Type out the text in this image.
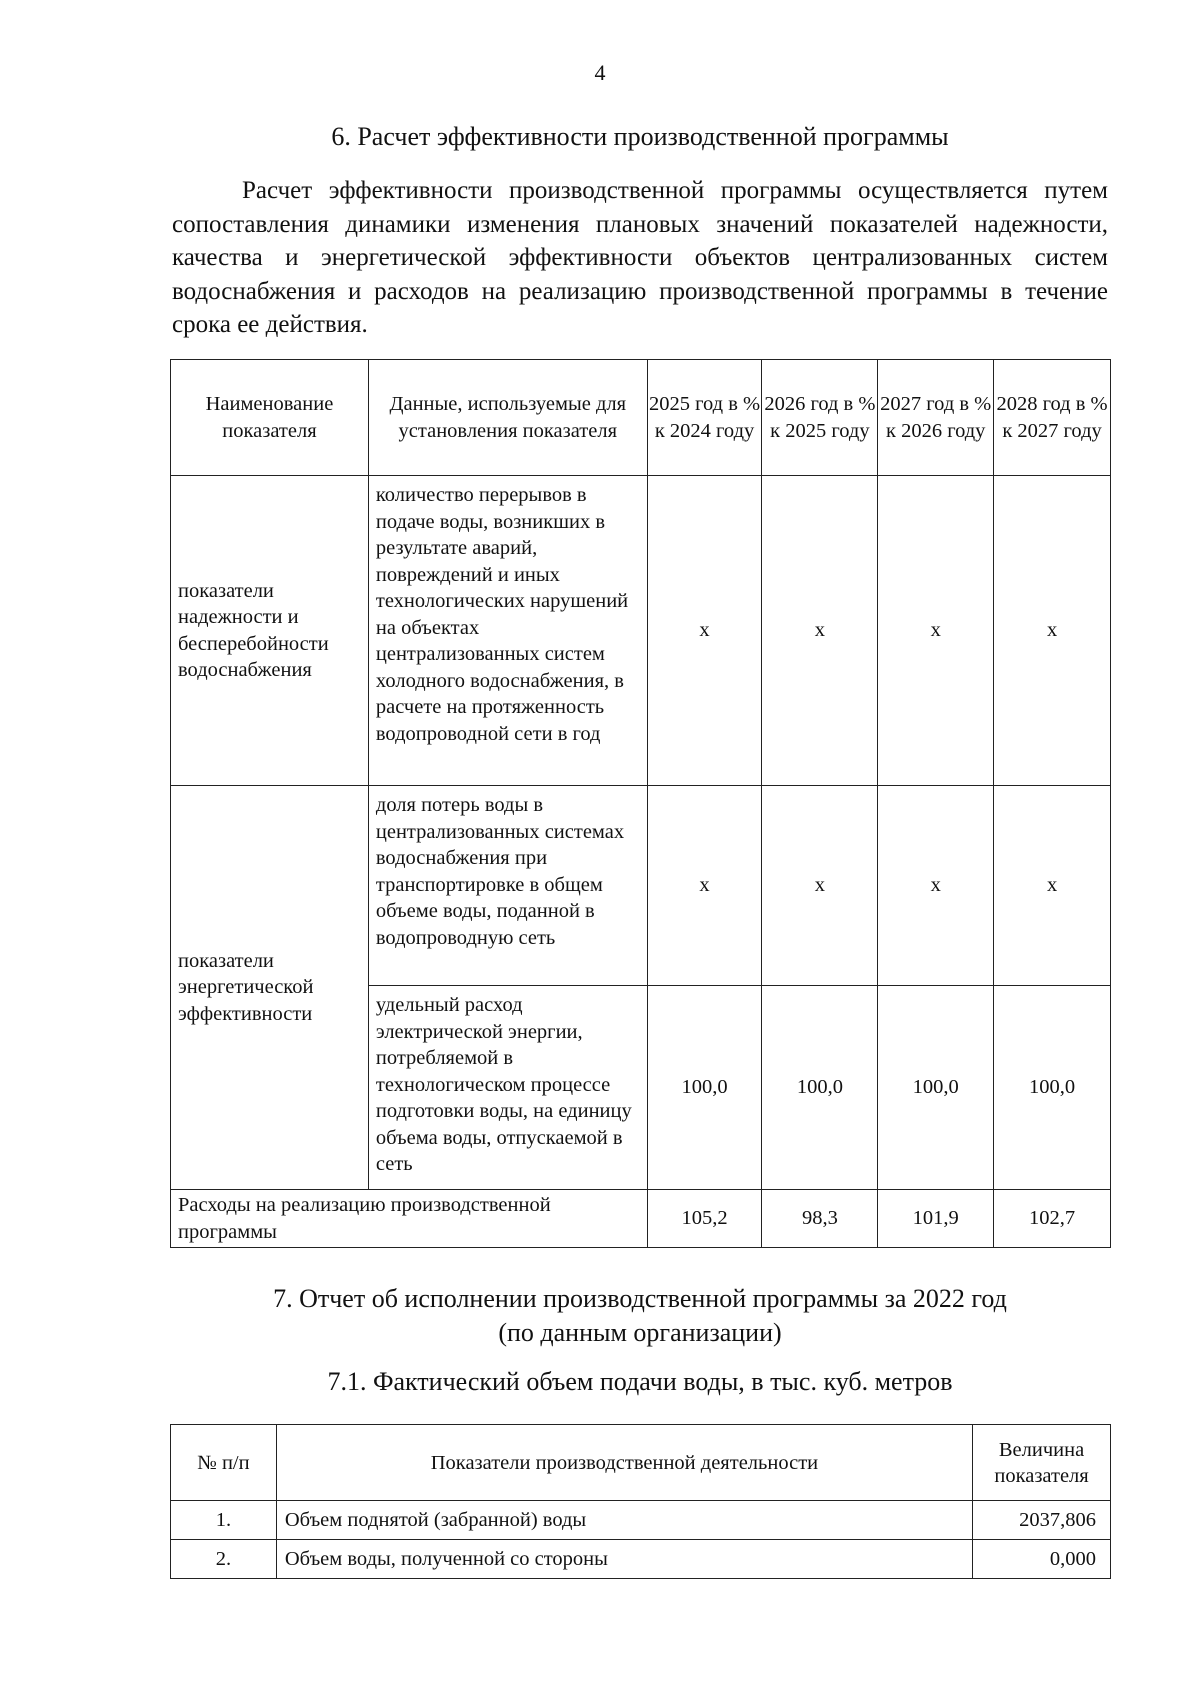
4
6. Расчет эффективности производственной программы
Расчет эффективности производственной программы осуществляется путем сопоставления динамики изменения плановых значений показателей надежности, качества и энергетической эффективности объектов централизованных систем водоснабжения и расходов на реализацию производственной программы в течение срока ее действия.
Наименование показателя	Данные, используемые для установления показателя	2025 год в % к 2024 году	2026 год в % к 2025 году	2027 год в % к 2026 году	2028 год в % к 2027 году
показатели надежности и бесперебойности водоснабжения	количество перерывов в подаче воды, возникших в результате аварий, повреждений и иных технологических нарушений на объектах централизованных систем холодного водоснабжения, в расчете на протяженность водопроводной сети в год	x	x	x	x
показатели энергетической эффективности	доля потерь воды в централизованных системах водоснабжения при транспортировке в общем объеме воды, поданной в водопроводную сеть	x	x	x	x
	удельный расход электрической энергии, потребляемой в технологическом процессе подготовки воды, на единицу объема воды, отпускаемой в сеть	100,0	100,0	100,0	100,0
Расходы на реализацию производственной программы		105,2	98,3	101,9	102,7
7. Отчет об исполнении производственной программы за 2022 год
(по данным организации)
7.1. Фактический объем подачи воды, в тыс. куб. метров
№ п/п	Показатели производственной деятельности	Величина показателя
1.	Объем поднятой (забранной) воды	2037,806
2.	Объем воды, полученной со стороны	0,000
